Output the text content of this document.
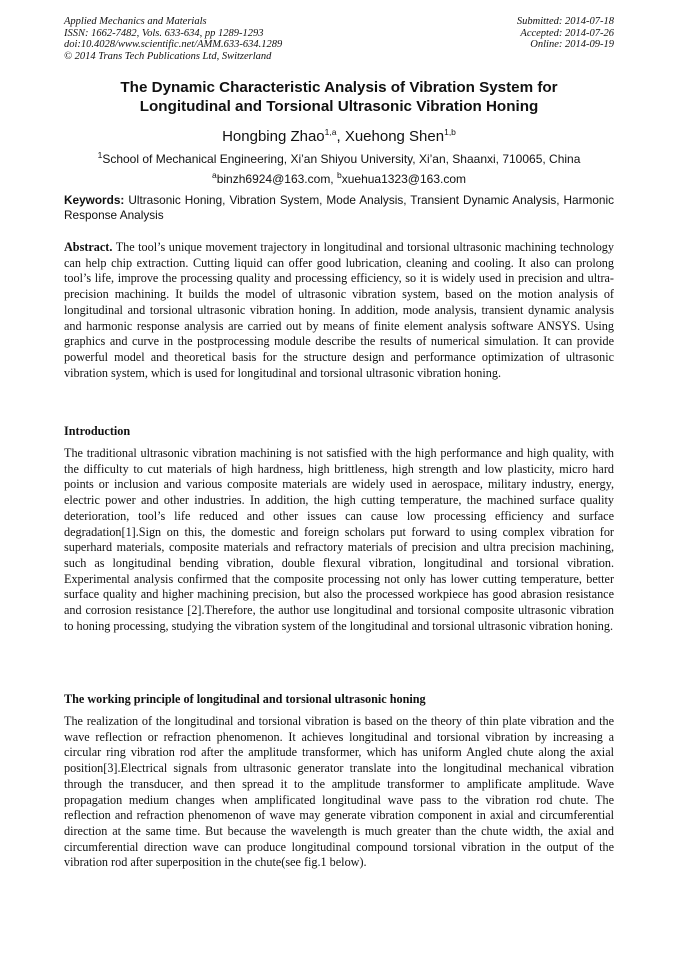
Applied Mechanics and Materials
ISSN: 1662-7482, Vols. 633-634, pp 1289-1293
doi:10.4028/www.scientific.net/AMM.633-634.1289
© 2014 Trans Tech Publications Ltd, Switzerland
Submitted: 2014-07-18
Accepted: 2014-07-26
Online: 2014-09-19
The Dynamic Characteristic Analysis of Vibration System for
Longitudinal and Torsional Ultrasonic Vibration Honing
Hongbing Zhao$^{1,a}$, Xuehong Shen$^{1,b}$
$^1$School of Mechanical Engineering, Xi’an Shiyou University, Xi’an, Shaanxi, 710065, China
$^a$binzh6924@163.com, $^b$xuehua1323@163.com
Keywords: Ultrasonic Honing, Vibration System, Mode Analysis, Transient Dynamic Analysis, Harmonic Response Analysis
Abstract. The tool’s unique movement trajectory in longitudinal and torsional ultrasonic machining technology can help chip extraction. Cutting liquid can offer good lubrication, cleaning and cooling. It also can prolong tool’s life, improve the processing quality and processing efficiency, so it is widely used in precision and ultra-precision machining. It builds the model of ultrasonic vibration system, based on the motion analysis of longitudinal and torsional ultrasonic vibration honing. In addition, mode analysis, transient dynamic analysis and harmonic response analysis are carried out by means of finite element analysis software ANSYS. Using graphics and curve in the postprocessing module describe the results of numerical simulation. It can provide powerful model and theoretical basis for the structure design and performance optimization of ultrasonic vibration system, which is used for longitudinal and torsional ultrasonic vibration honing.
Introduction
The traditional ultrasonic vibration machining is not satisfied with the high performance and high quality, with the difficulty to cut materials of high hardness, high brittleness, high strength and low plasticity, micro hard points or inclusion and various composite materials are widely used in aerospace, military industry, energy, electric power and other industries. In addition, the high cutting temperature, the machined surface quality deterioration, tool’s life reduced and other issues can cause low processing efficiency and surface degradation[1].Sign on this, the domestic and foreign scholars put forward to using complex vibration for superhard materials, composite materials and refractory materials of precision and ultra precision machining, such as longitudinal bending vibration, double flexural vibration, longitudinal and torsional vibration. Experimental analysis confirmed that the composite processing not only has lower cutting temperature, better surface quality and higher machining precision, but also the processed workpiece has good abrasion resistance and corrosion resistance [2].Therefore, the author use longitudinal and torsional composite ultrasonic vibration to honing processing, studying the vibration system of the longitudinal and torsional ultrasonic vibration honing.
The working principle of longitudinal and torsional ultrasonic honing
The realization of the longitudinal and torsional vibration is based on the theory of thin plate vibration and the wave reflection or refraction phenomenon. It achieves longitudinal and torsional vibration by increasing a circular ring vibration rod after the amplitude transformer, which has uniform Angled chute along the axial position[3].Electrical signals from ultrasonic generator translate into the longitudinal mechanical vibration through the transducer, and then spread it to the amplitude transformer to amplificate amplitude. Wave propagation medium changes when amplificated longitudinal wave pass to the vibration rod chute. The reflection and refraction phenomenon of wave may generate vibration component in axial and circumferential direction at the same time. But because the wavelength is much greater than the chute width, the axial and circumferential direction wave can produce longitudinal compound torsional vibration in the output of the vibration rod after superposition in the chute(see fig.1 below).
